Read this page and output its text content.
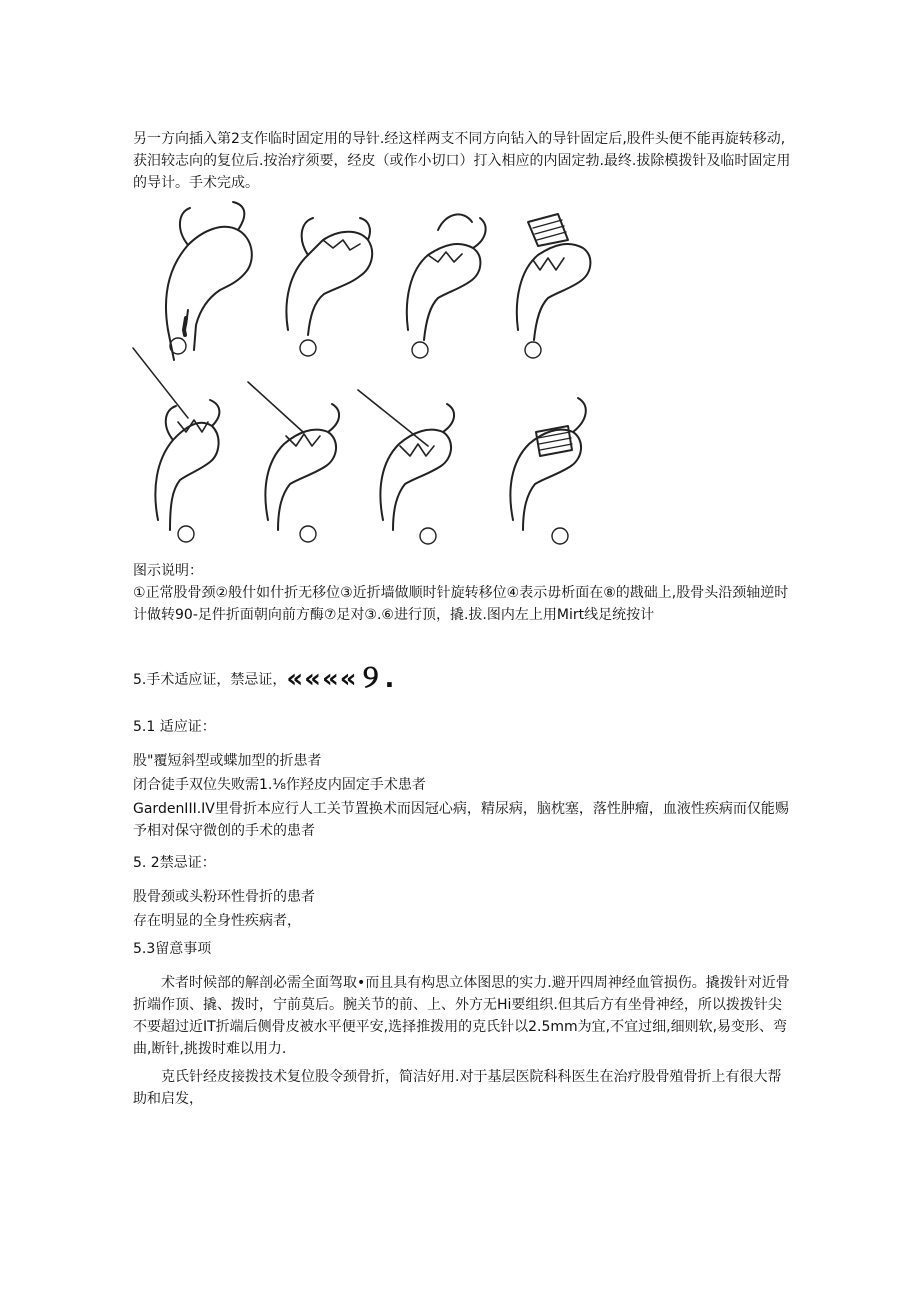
另一方向插入第2支作临时固定用的导针.经这样两支不同方向钻入的导针固定后,股件头便不能再旋转移动,获汨较志向的复位后.按治疗须要，经皮（或作小切口）打入相应的内固定勃.最终.拔除模拨针及临时固定用的导计。手术完成。

图示说明：

①正常股骨颈②般什如什折无移位③近折墙做顺时针旋转移位④表示毋析面在⑧的戡础上,股骨头沿颈轴逆时计做转90-足件折面朝向前方酶⑦足对③.⑥进行顶，撬.拔.图内左上用Mirt线足统按计

5.手术适应证，禁忌证，««««９.

5.1 适应证：

股"覆短斜型或蝶加型的折患者

闭合徒手双位失败需1.⅛作羟皮内固定手术患者

GardenIII.IV里骨折本应行人工关节置换术而因冠心病，精尿病，脑枕塞，落性肿瘤，血液性疾病而仅能赐予相对保守微创的手术的患者

5. 2禁忌证：

股骨颈或头粉环性骨折的患者

存在明显的全身性疾病者，

5.3留意事项

术者时候部的解剖必需全面驾取•而且具有构思立体图思的实力.避开四周神经血管损伤。撬拨针对近骨折端作顶、撬、拨时，宁前莫后。腕关节的前、上、外方无Hi要组织.但其后方有坐骨神经，所以拨拨针尖不要超过近IT折端后侧骨皮被水平便平安,选择推拨用的克氏针以2.5mm为宜,不宜过细,细则软,易变形、弯曲,断针,挑拨时难以用力.

克氏针经皮接拨技术复位股令颈骨折，简洁好用.对于基层医院科科医生在治疗股骨殖骨折上有很大帮助和启发，
